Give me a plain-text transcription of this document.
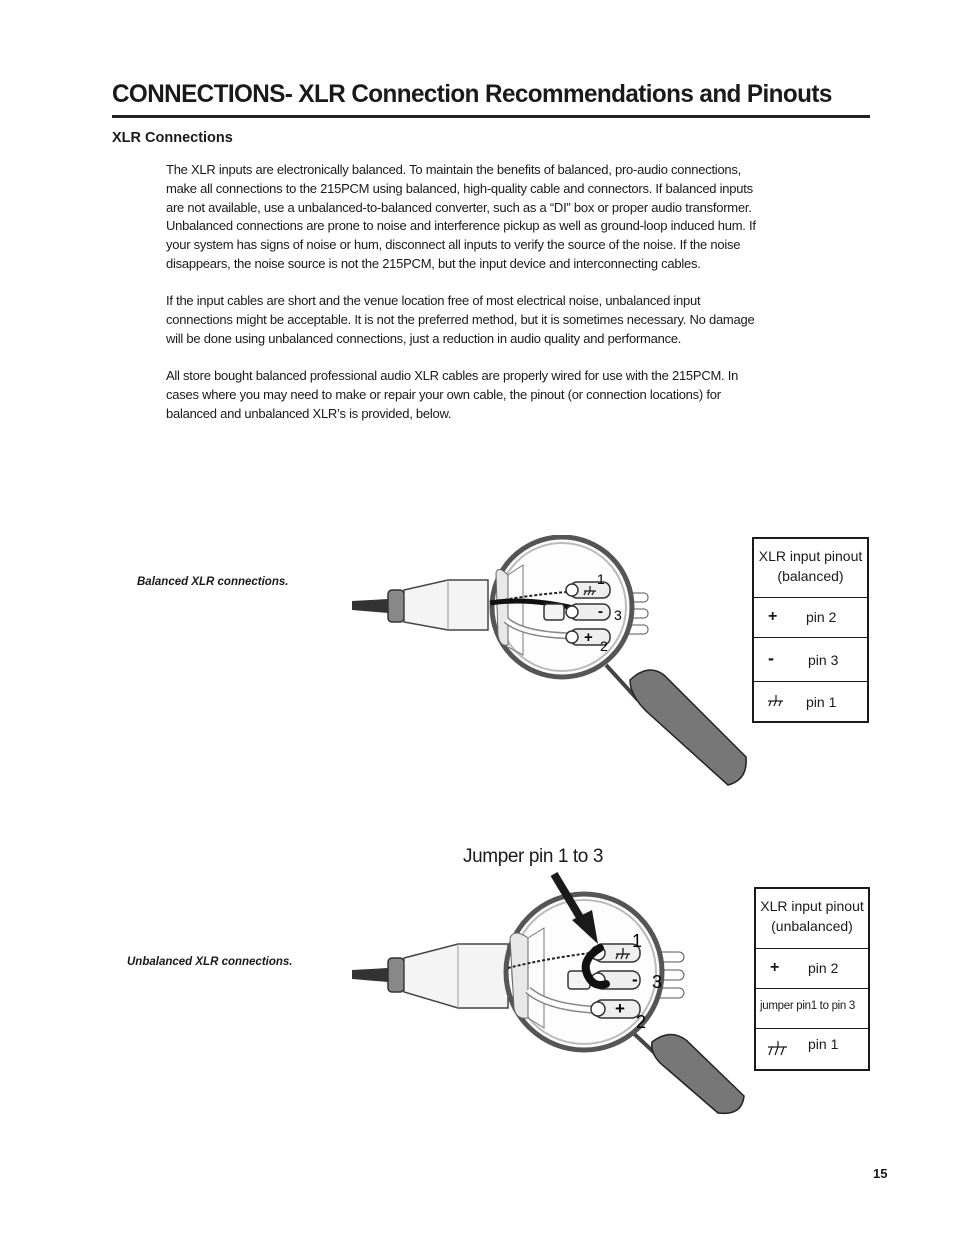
CONNECTIONS- XLR Connection Recommendations and Pinouts
XLR Connections

The XLR inputs are electronically balanced. To maintain the benefits of balanced, pro-audio connections, make all connections to the 215PCM using balanced, high-quality cable and connectors. If balanced inputs are not available, use a unbalanced-to-balanced converter, such as a “DI” box or proper audio transformer. Unbalanced connections are prone to noise and interference pickup as well as ground-loop induced hum. If your system has signs of noise or hum, disconnect all inputs to verify the source of the noise. If the noise disappears, the noise source is not the 215PCM, but the input device and interconnecting cables.

If the input cables are short and the venue location free of most electrical noise, unbalanced input connections might be acceptable. It is not the preferred method, but it is sometimes necessary. No damage will be done using unbalanced connections, just a reduction in audio quality and performance.

All store bought balanced professional audio XLR cables are properly wired for use with the 215PCM. In cases where you may need to make or repair your own cable, the pinout (or connection locations) for balanced and unbalanced XLR’s is provided, below.

Balanced XLR connections.
-
+
1
3
2
XLR input pinout (balanced)
+ pin 2
- pin 3
pin 1
Jumper pin 1 to 3
Unbalanced XLR connections.
-
+
1
3
2
XLR input pinout (unbalanced)
+ pin 2
jumper pin1 to pin 3
pin 1
15
